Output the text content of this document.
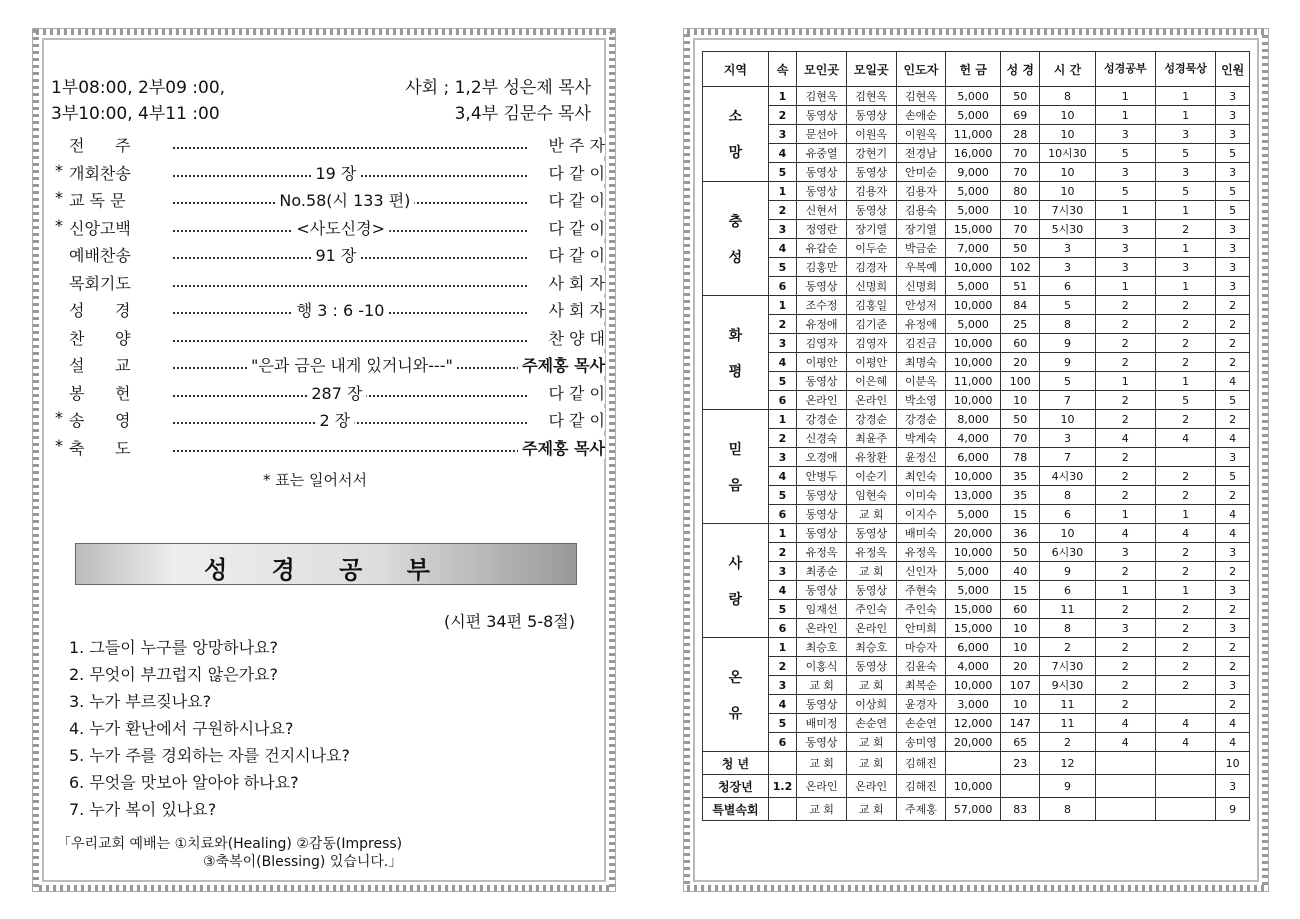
1부08:00, 2부09 :00,
3부10:00, 4부11 :00
사회 ; 1,2부 성은제 목사
3,4부 김문수 목사
전      주	반 주 자
* 개회찬송	19 장	다 같 이
* 교 독 문	No.58(시 133 편)	다 같 이
* 신앙고백	<사도신경>	다 같 이
예배찬송	91 장	다 같 이
목회기도	사 회 자
성      경	행 3 : 6 -10	사 회 자
찬      양	찬 양 대
설      교	"은과 금은 내게 있거니와---"	주제홍 목사
봉      헌	287 장	다 같 이
* 송      영	2 장	다 같 이
* 축      도	주제홍 목사
* 표는 일어서서
성 경 공 부
(시편 34편 5-8절)
1. 그들이 누구를 앙망하나요?
2. 무엇이 부끄럽지 않은가요?
3. 누가 부르짖나요?
4. 누가 환난에서 구원하시나요?
5. 누가 주를 경외하는 자를 건지시나요?
6. 무엇을 맛보아 알아야 하나요?
7. 누가 복이 있나요?
「우리교회 예배는 ①치료와(Healing) ②감동(Impress)
③축복이(Blessing) 있습니다.」
지역	속	모인곳	모일곳	인도자	헌 금	성 경	시 간	성경공부	성경묵상	인원
소

망	1	김현옥	김현옥	김현옥	5,000	50	8	1	1	3
	2	동영상	동영상	손애순	5,000	69	10	1	1	3
	3	문선아	이원옥	이원옥	11,000	28	10	3	3	3
	4	유중열	강현기	전경남	16,000	70	10시30	5	5	5
	5	동영상	동영상	안미순	9,000	70	10	3	3	3
충

성	1	동영상	김용자	김용자	5,000	80	10	5	5	5
	2	신현서	동영상	김용숙	5,000	10	7시30	1	1	5
	3	정영란	장기열	장기열	15,000	70	5시30	3	2	3
	4	유갑순	이두순	박금순	7,000	50	3	3	1	3
	5	김홍만	김경자	우복예	10,000	102	3	3	3	3
	6	동영상	신명희	신명희	5,000	51	6	1	1	3
화

평	1	조수정	김홍일	안성저	10,000	84	5	2	2	2
	2	유정애	김기준	유정애	5,000	25	8	2	2	2
	3	김영자	김영자	김진금	10,000	60	9	2	2	2
	4	이평안	이평안	최명숙	10,000	20	9	2	2	2
	5	동영상	이은혜	이분옥	11,000	100	5	1	1	4
	6	온라인	온라인	박소영	10,000	10	7	2	5	5
믿

음	1	강경순	강경순	강경순	8,000	50	10	2	2	2
	2	신경숙	최윤주	박계숙	4,000	70	3	4	4	4
	3	오경애	유창환	윤정신	6,000	78	7	2		3
	4	안병두	이순기	최인숙	10,000	35	4시30	2	2	5
	5	동영상	임현숙	이미숙	13,000	35	8	2	2	2
	6	동영상	교 회	이지수	5,000	15	6	1	1	4
사

랑	1	동영상	동영상	배미숙	20,000	36	10	4	4	4
	2	유정옥	유정옥	유정옥	10,000	50	6시30	3	2	3
	3	최종순	교 회	신인자	5,000	40	9	2	2	2
	4	동영상	동영상	주현숙	5,000	15	6	1	1	3
	5	임재선	주인숙	주인숙	15,000	60	11	2	2	2
	6	온라인	온라인	안미희	15,000	10	8	3	2	3
온

유	1	최승호	최승호	마승자	6,000	10	2	2	2	2
	2	이홍식	동영상	김윤숙	4,000	20	7시30	2	2	2
	3	교 회	교 회	최복순	10,000	107	9시30	2	2	3
	4	동영상	이상희	윤경자	3,000	10	11	2		2
	5	배미정	손순연	손순연	12,000	147	11	4	4	4
	6	동영상	교 회	송미영	20,000	65	2	4	4	4
청 년		교 회	교 회	김해진		23	12			10
청장년	1.2	온라인	온라인	김해진	10,000		9			3
특별속회		교 회	교 회	주제홍	57,000	83	8			9
